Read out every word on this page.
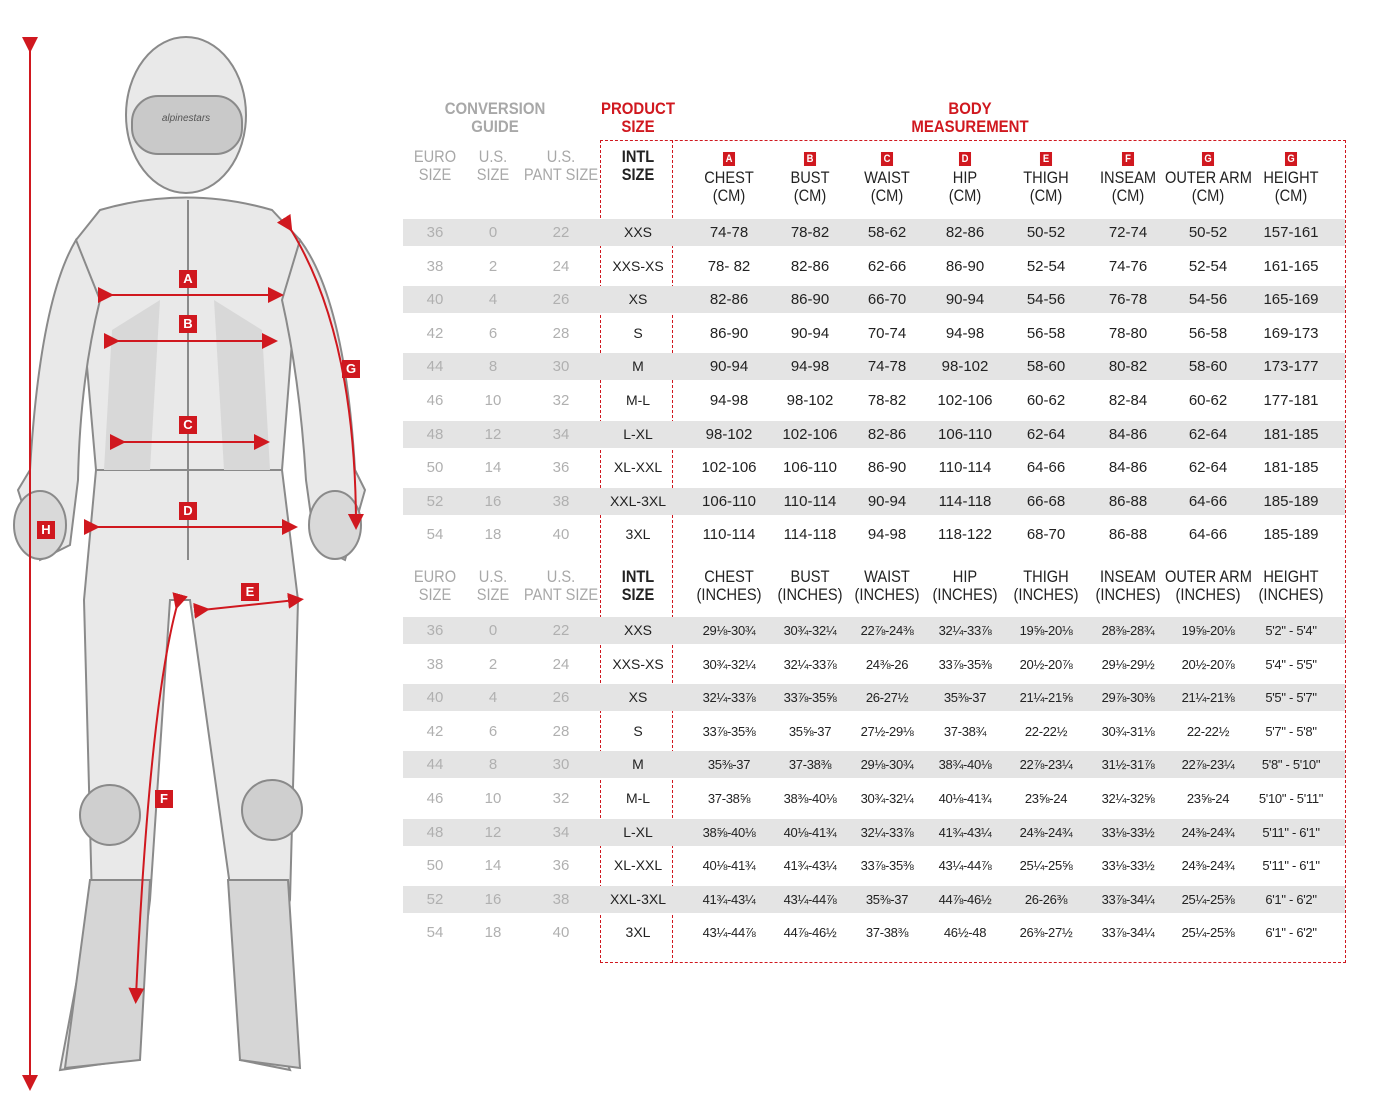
alpinestars
A
B
C
D
E
F
G
H
CONVERSION GUIDE
PRODUCT SIZE
BODY MEASUREMENT
EURO
SIZE
U.S.
SIZE
U.S.
PANT SIZE
INTL
SIZE
A
CHEST
(CM)
B
BUST
(CM)
C
WAIST
(CM)
D
HIP
(CM)
E
THIGH
(CM)
F
INSEAM
(CM)
G
OUTER ARM
(CM)
G
HEIGHT
(CM)
36	0	22	XXS	74-78	78-82	58-62	82-86	50-52	72-74	50-52	157-161
38	2	24	XXS-XS	78- 82	82-86	62-66	86-90	52-54	74-76	52-54	161-165
40	4	26	XS	82-86	86-90	66-70	90-94	54-56	76-78	54-56	165-169
42	6	28	S	86-90	90-94	70-74	94-98	56-58	78-80	56-58	169-173
44	8	30	M	90-94	94-98	74-78	98-102	58-60	80-82	58-60	173-177
46	10	32	M-L	94-98	98-102	78-82	102-106	60-62	82-84	60-62	177-181
48	12	34	L-XL	98-102	102-106	82-86	106-110	62-64	84-86	62-64	181-185
50	14	36	XL-XXL	102-106	106-110	86-90	110-114	64-66	84-86	62-64	181-185
52	16	38	XXL-3XL	106-110	110-114	90-94	114-118	66-68	86-88	64-66	185-189
54	18	40	3XL	110-114	114-118	94-98	118-122	68-70	86-88	64-66	185-189
EURO
SIZE
U.S.
SIZE
U.S.
PANT SIZE
INTL
SIZE
CHEST
(INCHES)
BUST
(INCHES)
WAIST
(INCHES)
HIP
(INCHES)
THIGH
(INCHES)
INSEAM
(INCHES)
OUTER ARM
(INCHES)
HEIGHT
(INCHES)
36	0	22	XXS	29⅛-30¾	30¾-32¼	22⅞-24⅜	32¼-33⅞	19⅝-20⅛	28⅜-28¾	19⅝-20⅛	5'2" - 5'4"
38	2	24	XXS-XS	30¾-32¼	32¼-33⅞	24⅜-26	33⅞-35⅜	20½-20⅞	29⅛-29½	20½-20⅞	5'4" - 5'5"
40	4	26	XS	32¼-33⅞	33⅞-35⅝	26-27½	35⅜-37	21¼-21⅝	29⅞-30⅜	21¼-21⅜	5'5" - 5'7"
42	6	28	S	33⅞-35⅜	35⅝-37	27½-29⅛	37-38¾	22-22½	30¾-31⅛	22-22½	5'7" - 5'8"
44	8	30	M	35⅜-37	37-38⅜	29⅛-30¾	38¾-40⅛	22⅞-23¼	31½-31⅞	22⅞-23¼	5'8" - 5'10"
46	10	32	M-L	37-38⅝	38⅜-40⅛	30¾-32¼	40⅛-41¾	23⅝-24	32¼-32⅝	23⅝-24	5'10" - 5'11"
48	12	34	L-XL	38⅝-40⅛	40⅛-41¾	32¼-33⅞	41¾-43¼	24⅜-24¾	33⅛-33½	24⅜-24¾	5'11" - 6'1"
50	14	36	XL-XXL	40⅛-41¾	41¾-43¼	33⅞-35⅜	43¼-44⅞	25¼-25⅝	33⅛-33½	24⅜-24¾	5'11" - 6'1"
52	16	38	XXL-3XL	41¾-43¼	43¼-44⅞	35⅜-37	44⅞-46½	26-26⅜	33⅞-34¼	25¼-25⅜	6'1" - 6'2"
54	18	40	3XL	43¼-44⅞	44⅞-46½	37-38⅜	46½-48	26⅜-27½	33⅞-34¼	25¼-25⅜	6'1" - 6'2"
